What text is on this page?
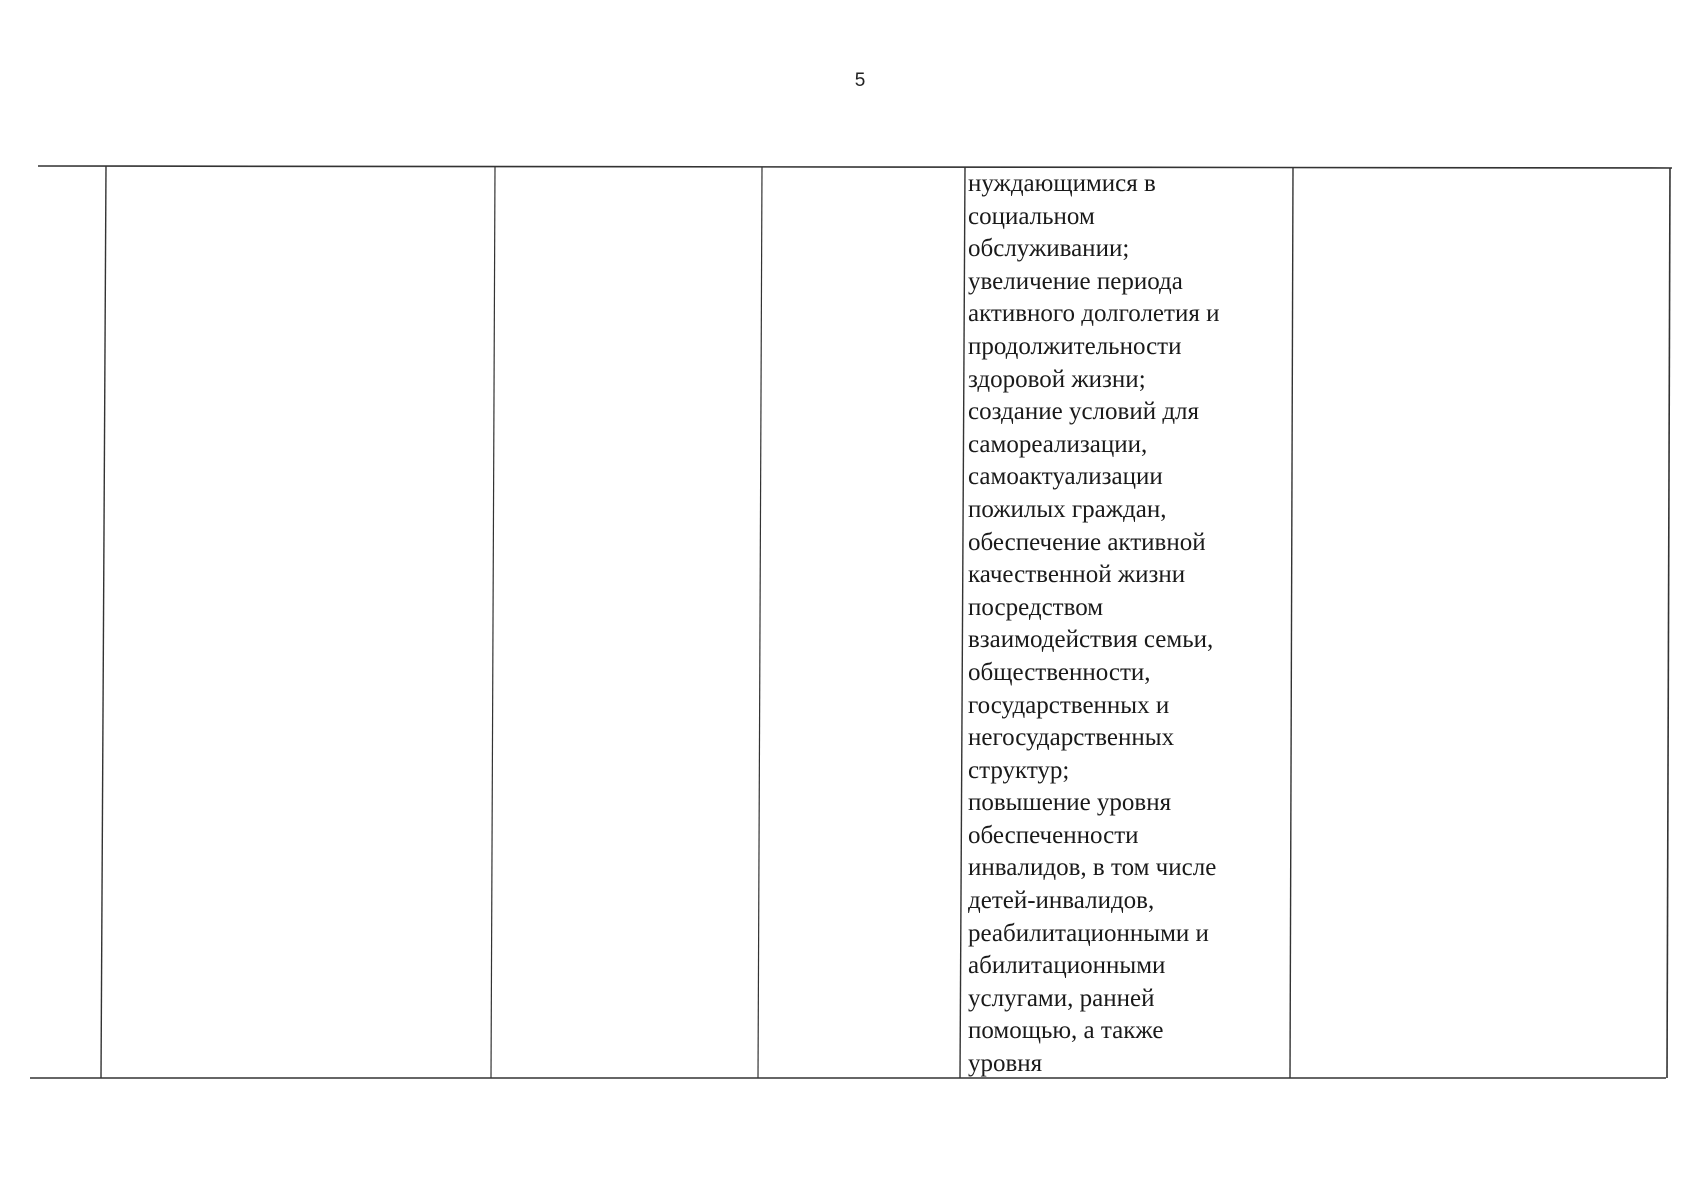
5
нуждающимися в
социальном
обслуживании;
увеличение периода
активного долголетия и
продолжительности
здоровой жизни;
создание условий для
самореализации,
самоактуализации
пожилых граждан,
обеспечение активной
качественной жизни
посредством
взаимодействия семьи,
общественности,
государственных и
негосударственных
структур;
повышение уровня
обеспеченности
инвалидов, в том числе
детей-инвалидов,
реабилитационными и
абилитационными
услугами, ранней
помощью, а также
уровня
